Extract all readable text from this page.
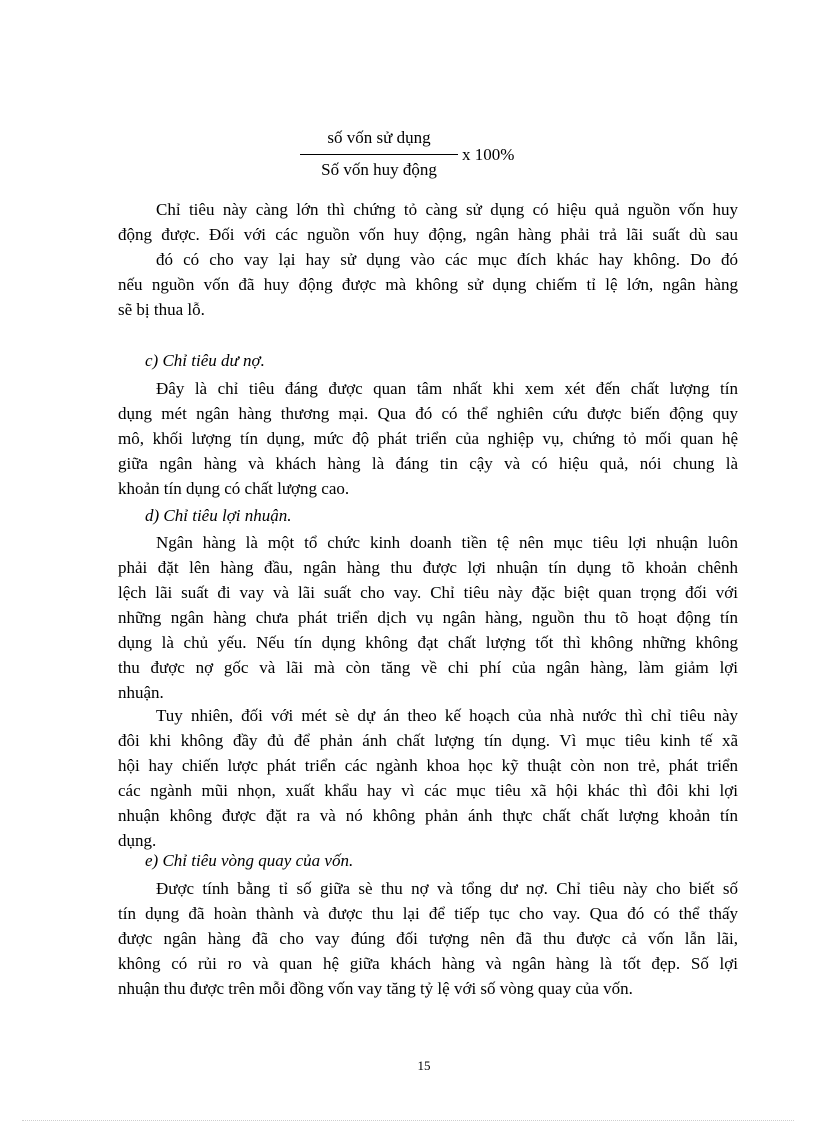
$\frac{\text{số vốn sử dụng}}{\text{Số vốn huy động}}$ x 100%
Chỉ tiêu này càng lớn thì chứng tỏ càng sử dụng có hiệu quả nguồn vốn huy
động được. Đối với các nguồn vốn huy động, ngân hàng phải trả lãi suất dù sau
đó có cho vay lại hay sử dụng vào các mục đích khác hay không. Do đó
nếu nguồn vốn đã huy động được mà không sử dụng chiếm tỉ lệ lớn, ngân hàng
sẽ bị thua lỗ.
c) Chỉ tiêu dư nợ.
Đây là chỉ tiêu đáng được quan tâm nhất khi xem xét đến chất lượng tín
dụng mét ngân hàng thương mại. Qua đó có thể nghiên cứu được biến động quy
mô, khối lượng tín dụng, mức độ phát triển của nghiệp vụ, chứng tỏ mối quan hệ
giữa ngân hàng và khách hàng là đáng tin cậy và có hiệu quả, nói chung là
khoản tín dụng có chất lượng cao.
d) Chỉ tiêu lợi nhuận.
Ngân hàng là một tổ chức kinh doanh tiền tệ nên mục tiêu lợi nhuận luôn
phải đặt lên hàng đầu, ngân hàng thu được lợi nhuận tín dụng tõ khoản chênh
lệch lãi suất đi vay và lãi suất cho vay. Chỉ tiêu này đặc biệt quan trọng đối với
những ngân hàng chưa phát triển dịch vụ ngân hàng, nguồn thu tõ hoạt động tín
dụng là chủ yếu. Nếu tín dụng không đạt chất lượng tốt thì không những không
thu được nợ gốc và lãi mà còn tăng về chi phí của ngân hàng, làm giảm lợi
nhuận.
Tuy nhiên, đối với mét sè dự án theo kế hoạch của nhà nước thì chỉ tiêu này
đôi khi không đầy đủ để phản ánh chất lượng tín dụng. Vì mục tiêu kinh tế xã
hội hay chiến lược phát triển các ngành khoa học kỹ thuật còn non trẻ, phát triển
các ngành mũi nhọn, xuất khẩu hay vì các mục tiêu xã hội khác thì đôi khi lợi
nhuận không được đặt ra và nó không phản ánh thực chất chất lượng khoản tín
dụng.
e) Chỉ tiêu vòng quay của vốn.
Được tính bằng tỉ số giữa sè thu nợ và tổng dư nợ. Chỉ tiêu này cho biết số
tín dụng đã hoàn thành và được thu lại để tiếp tục cho vay. Qua đó có thể thấy
được ngân hàng đã cho vay đúng đối tượng nên đã thu được cả vốn lẫn lãi,
không có rủi ro và quan hệ giữa khách hàng và ngân hàng là tốt đẹp. Số lợi
nhuận thu được trên mỗi đồng vốn vay tăng tỷ lệ với số vòng quay của vốn.
15
